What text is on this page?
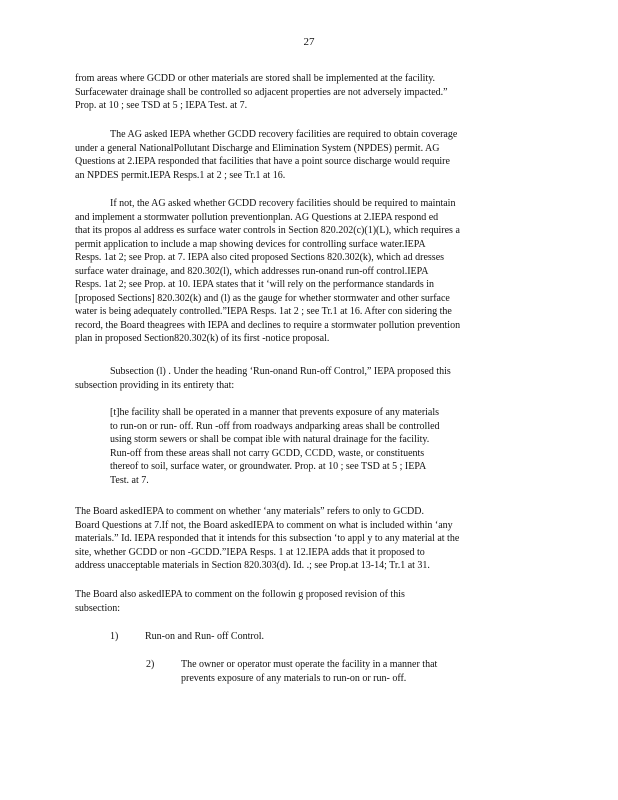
27
from areas where GCDD or other materials are stored shall be implemented at the facility.
Surfacewater drainage shall be controlled so adjacent properties are not adversely impacted.”
Prop. at 10 ; see TSD at 5 ; IEPA Test. at 7.
The AG asked IEPA whether GCDD recovery facilities are required to obtain coverage
under a general NationalPollutant Discharge and Elimination System (NPDES) permit. AG
Questions at 2.IEPA responded that facilities that have a point source discharge would require
an NPDES permit.IEPA Resps.1 at 2 ; see Tr.1 at 16.
If not, the AG asked whether GCDD recovery facilities should be required to maintain
and implement a stormwater pollution preventionplan. AG Questions at 2.IEPA respond ed
that its propos al address es surface water controls in Section 820.202(c)(1)(L), which requires a
permit application to include a map showing devices for controlling surface water.IEPA
Resps. 1at 2; see Prop. at 7. IEPA also cited proposed Sections 820.302(k), which ad dresses
surface water drainage, and 820.302(l), which addresses run-onand run-off control.IEPA
Resps. 1at 2; see Prop. at 10. IEPA states that it ‘will rely on the performance standards in
[proposed Sections] 820.302(k) and (l) as the gauge for whether stormwater and other surface
water is being adequately controlled.”IEPA Resps. 1at 2 ; see Tr.1 at 16. After con sidering the
record, the Board theagrees with IEPA and declines to require a stormwater pollution prevention
plan in proposed Section820.302(k) of its first -notice proposal.
Subsection (l) . Under the heading ‘Run-onand Run-off Control,” IEPA proposed this
subsection providing in its entirety that:
[t]he facility shall be operated in a manner that prevents exposure of any materials
to run-on or run- off. Run -off from roadways andparking areas shall be controlled
using storm sewers or shall be compat ible with natural drainage for the facility.
Run-off from these areas shall not carry GCDD, CCDD, waste, or constituents
thereof to soil, surface water, or groundwater. Prop. at 10 ; see TSD at 5 ; IEPA
Test. at 7.
The Board askedIEPA to comment on whether ‘any materials” refers to only to GCDD.
Board Questions at 7.If not, the Board askedIEPA to comment on what is included within ‘any
materials.” Id. IEPA responded that it intends for this subsection ‘to appl y to any material at the
site, whether GCDD or non -GCDD.”IEPA Resps. 1 at 12.IEPA adds that it proposed to
address unacceptable materials in Section 820.303(d). Id. .; see Prop.at 13-14; Tr.1 at 31.
The Board also askedIEPA to comment on the followin g proposed revision of this
subsection:
1)	Run-on and Run- off Control.
2)	The owner or operator must operate the facility in a manner that
prevents exposure of any materials to run-on or run- off.
